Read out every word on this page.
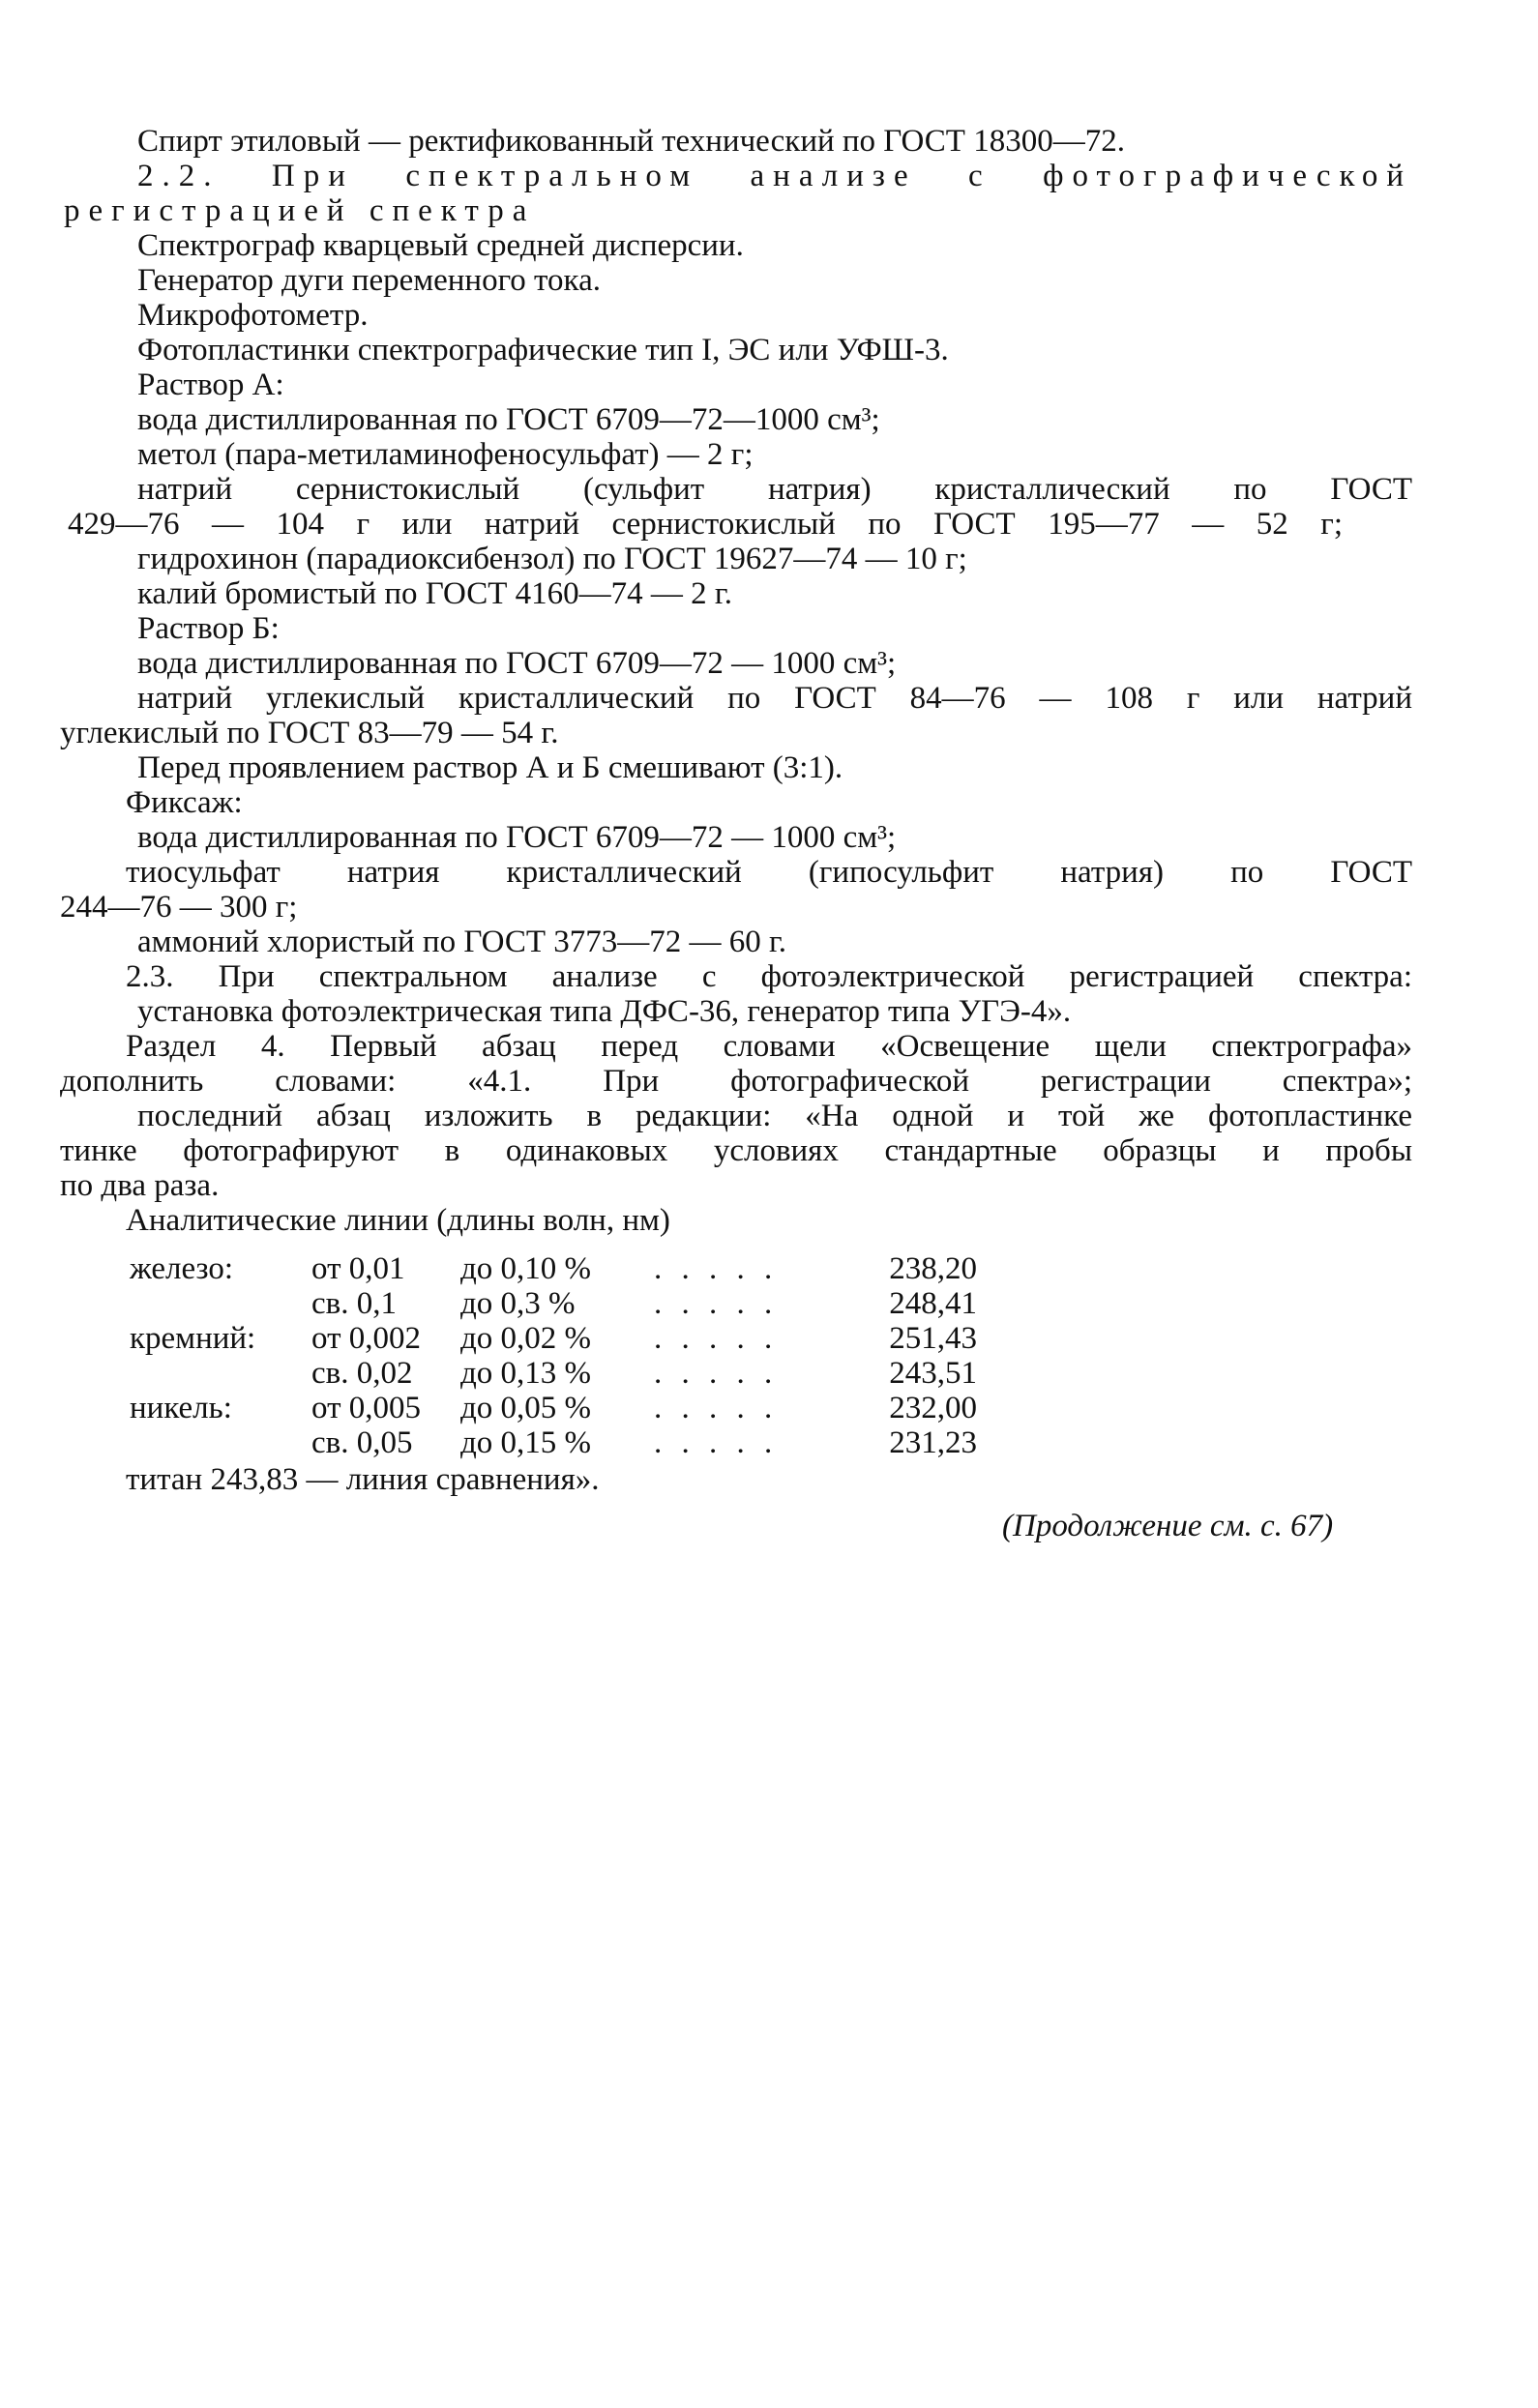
Спирт этиловый — ректификованный технический по ГОСТ 18300—72.
2.2. При спектральном анализе с фотографической
регистрацией спектра
Спектрограф кварцевый средней дисперсии.
Генератор дуги переменного тока.
Микрофотометр.
Фотопластинки спектрографические тип I, ЭС или УФШ-3.
Раствор А:
вода дистиллированная по ГОСТ 6709—72—1000 см³;
метол (пара-метиламинофеносульфат) — 2 г;
натрий сернистокислый (сульфит натрия) кристаллический по ГОСТ
429—76 — 104 г или натрий сернистокислый по ГОСТ 195—77 — 52 г;
гидрохинон (парадиоксибензол) по ГОСТ 19627—74 — 10 г;
калий бромистый по ГОСТ 4160—74 — 2 г.
Раствор Б:
вода дистиллированная по ГОСТ 6709—72 — 1000 см³;
натрий углекислый кристаллический по ГОСТ 84—76 — 108 г или натрий
углекислый по ГОСТ 83—79 — 54 г.
Перед проявлением раствор А и Б смешивают (3:1).
Фиксаж:
вода дистиллированная по ГОСТ 6709—72 — 1000 см³;
тиосульфат натрия кристаллический (гипосульфит натрия) по ГОСТ
244—76 — 300 г;
аммоний хлористый по ГОСТ 3773—72 — 60 г.
2.3. При спектральном анализе с фотоэлектрической регистрацией спектра:
установка фотоэлектрическая типа ДФС-36, генератор типа УГЭ-4».
Раздел 4. Первый абзац перед словами «Освещение щели спектрографа»
дополнить словами: «4.1. При фотографической регистрации спектра»;
последний абзац изложить в редакции: «На одной и той же фотопластинке
тинке фотографируют в одинаковых условиях стандартные образцы и пробы
по два раза.
Аналитические линии (длины волн, нм)
железо: от 0,01 до 0,10 % . . . . .	238,20
св. 0,1 до 0,3 % . . . . .	248,41
кремний: от 0,002 до 0,02 % . . . . .	251,43
св. 0,02 до 0,13 % . . . . .	243,51
никель: от 0,005 до 0,05 % . . . . .	232,00
св. 0,05 до 0,15 % . . . . .	231,23
титан 243,83 — линия сравнения».
(Продолжение см. с. 67)
